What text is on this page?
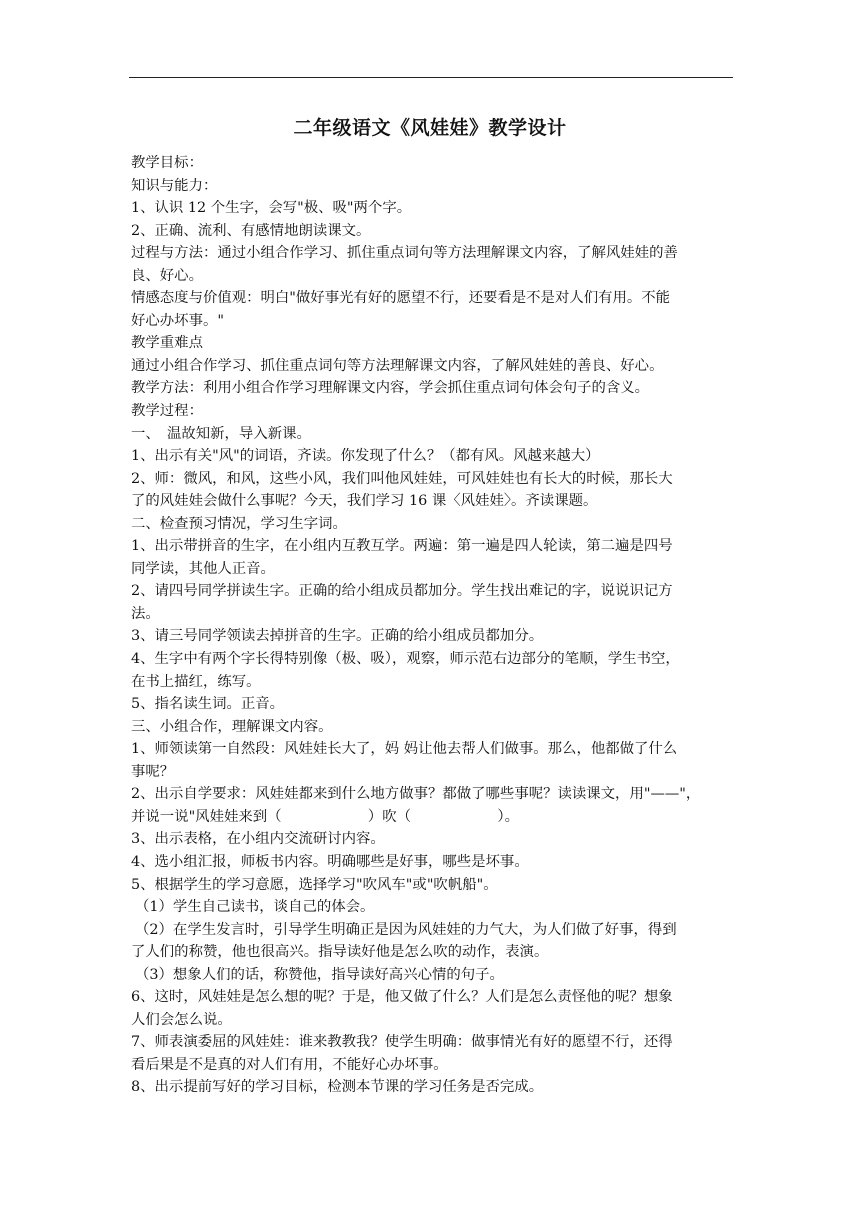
二年级语文《风娃娃》教学设计
教学目标：
知识与能力：
1、认识 12 个生字，会写"极、吸"两个字。
2、正确、流利、有感情地朗读课文。
过程与方法：通过小组合作学习、抓住重点词句等方法理解课文内容，了解风娃娃的善
良、好心。
情感态度与价值观：明白"做好事光有好的愿望不行，还要看是不是对人们有用。不能
好心办坏事。"
教学重难点
通过小组合作学习、抓住重点词句等方法理解课文内容，了解风娃娃的善良、好心。
教学方法：利用小组合作学习理解课文内容，学会抓住重点词句体会句子的含义。
教学过程：
一、　温故知新，导入新课。
1、出示有关"风"的词语，齐读。你发现了什么？（都有风。风越来越大）
2、师：微风，和风，这些小风，我们叫他风娃娃，可风娃娃也有长大的时候，那长大
了的风娃娃会做什么事呢？今天，我们学习 16 课〈风娃娃〉。齐读课题。
二、检查预习情况，学习生字词。
1、出示带拼音的生字，在小组内互教互学。两遍：第一遍是四人轮读，第二遍是四号
同学读，其他人正音。
2、请四号同学拼读生字。正确的给小组成员都加分。学生找出难记的字，说说识记方
法。
3、请三号同学领读去掉拼音的生字。正确的给小组成员都加分。
4、生字中有两个字长得特别像（极、吸），观察，师示范右边部分的笔顺，学生书空，
在书上描红，练写。
5、指名读生词。正音。
三、小组合作，理解课文内容。
1、师领读第一自然段：风娃娃长大了，妈 妈让他去帮人们做事。那么，他都做了什么
事呢？
2、出示自学要求：风娃娃都来到什么地方做事？都做了哪些事呢？读读课文，用"——"，
并说一说"风娃娃来到（　　　　　　）吹（　　　　　　）。
3、出示表格，在小组内交流研讨内容。
4、选小组汇报，师板书内容。明确哪些是好事，哪些是坏事。
5、根据学生的学习意愿，选择学习"吹风车"或"吹帆船"。
（1）学生自己读书，谈自己的体会。
（2）在学生发言时，引导学生明确正是因为风娃娃的力气大，为人们做了好事，得到
了人们的称赞，他也很高兴。指导读好他是怎么吹的动作，表演。
（3）想象人们的话，称赞他，指导读好高兴心情的句子。
6、这时，风娃娃是怎么想的呢？于是，他又做了什么？人们是怎么责怪他的呢？想象
人们会怎么说。
7、师表演委屈的风娃娃：谁来教教我？使学生明确：做事情光有好的愿望不行，还得
看后果是不是真的对人们有用，不能好心办坏事。
8、出示提前写好的学习目标，检测本节课的学习任务是否完成。
